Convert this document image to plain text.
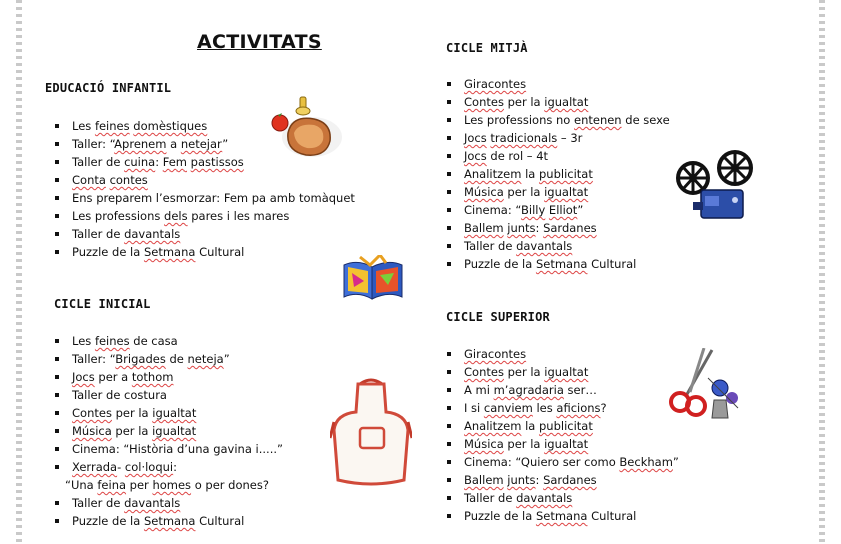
ACTIVITATS
EDUCACIÓ INFANTIL
Les feines domèstiques
Taller: “Aprenem a netejar”
Taller de cuina: Fem pastissos
Conta contes
Ens preparem l’esmorzar: Fem pa amb tomàquet
Les professions dels pares i les mares
Taller de davantals
Puzzle de la Setmana Cultural
CICLE INICIAL
Les feines de casa
Taller: “Brigades de neteja”
Jocs per a tothom
Taller de costura
Contes per la igualtat
Música per la igualtat
Cinema: “Història d’una gavina i.....”
Xerrada- col·loqui:
“Una feina per homes o per dones?
Taller de davantals
Puzzle de la Setmana Cultural
CICLE MITJÀ
Giracontes
Contes per la igualtat
Les professions no entenen de sexe
Jocs tradicionals – 3r
Jocs de rol – 4t
Analitzem la publicitat
Música per la igualtat
Cinema: “Billy Elliot”
Ballem junts: Sardanes
Taller de davantals
Puzzle de la Setmana Cultural
CICLE SUPERIOR
Giracontes
Contes per la igualtat
A mi m’agradaria ser…
I si canviem les aficions?
Analitzem la publicitat
Música per la igualtat
Cinema: “Quiero ser como Beckham”
Ballem junts: Sardanes
Taller de davantals
Puzzle de la Setmana Cultural
